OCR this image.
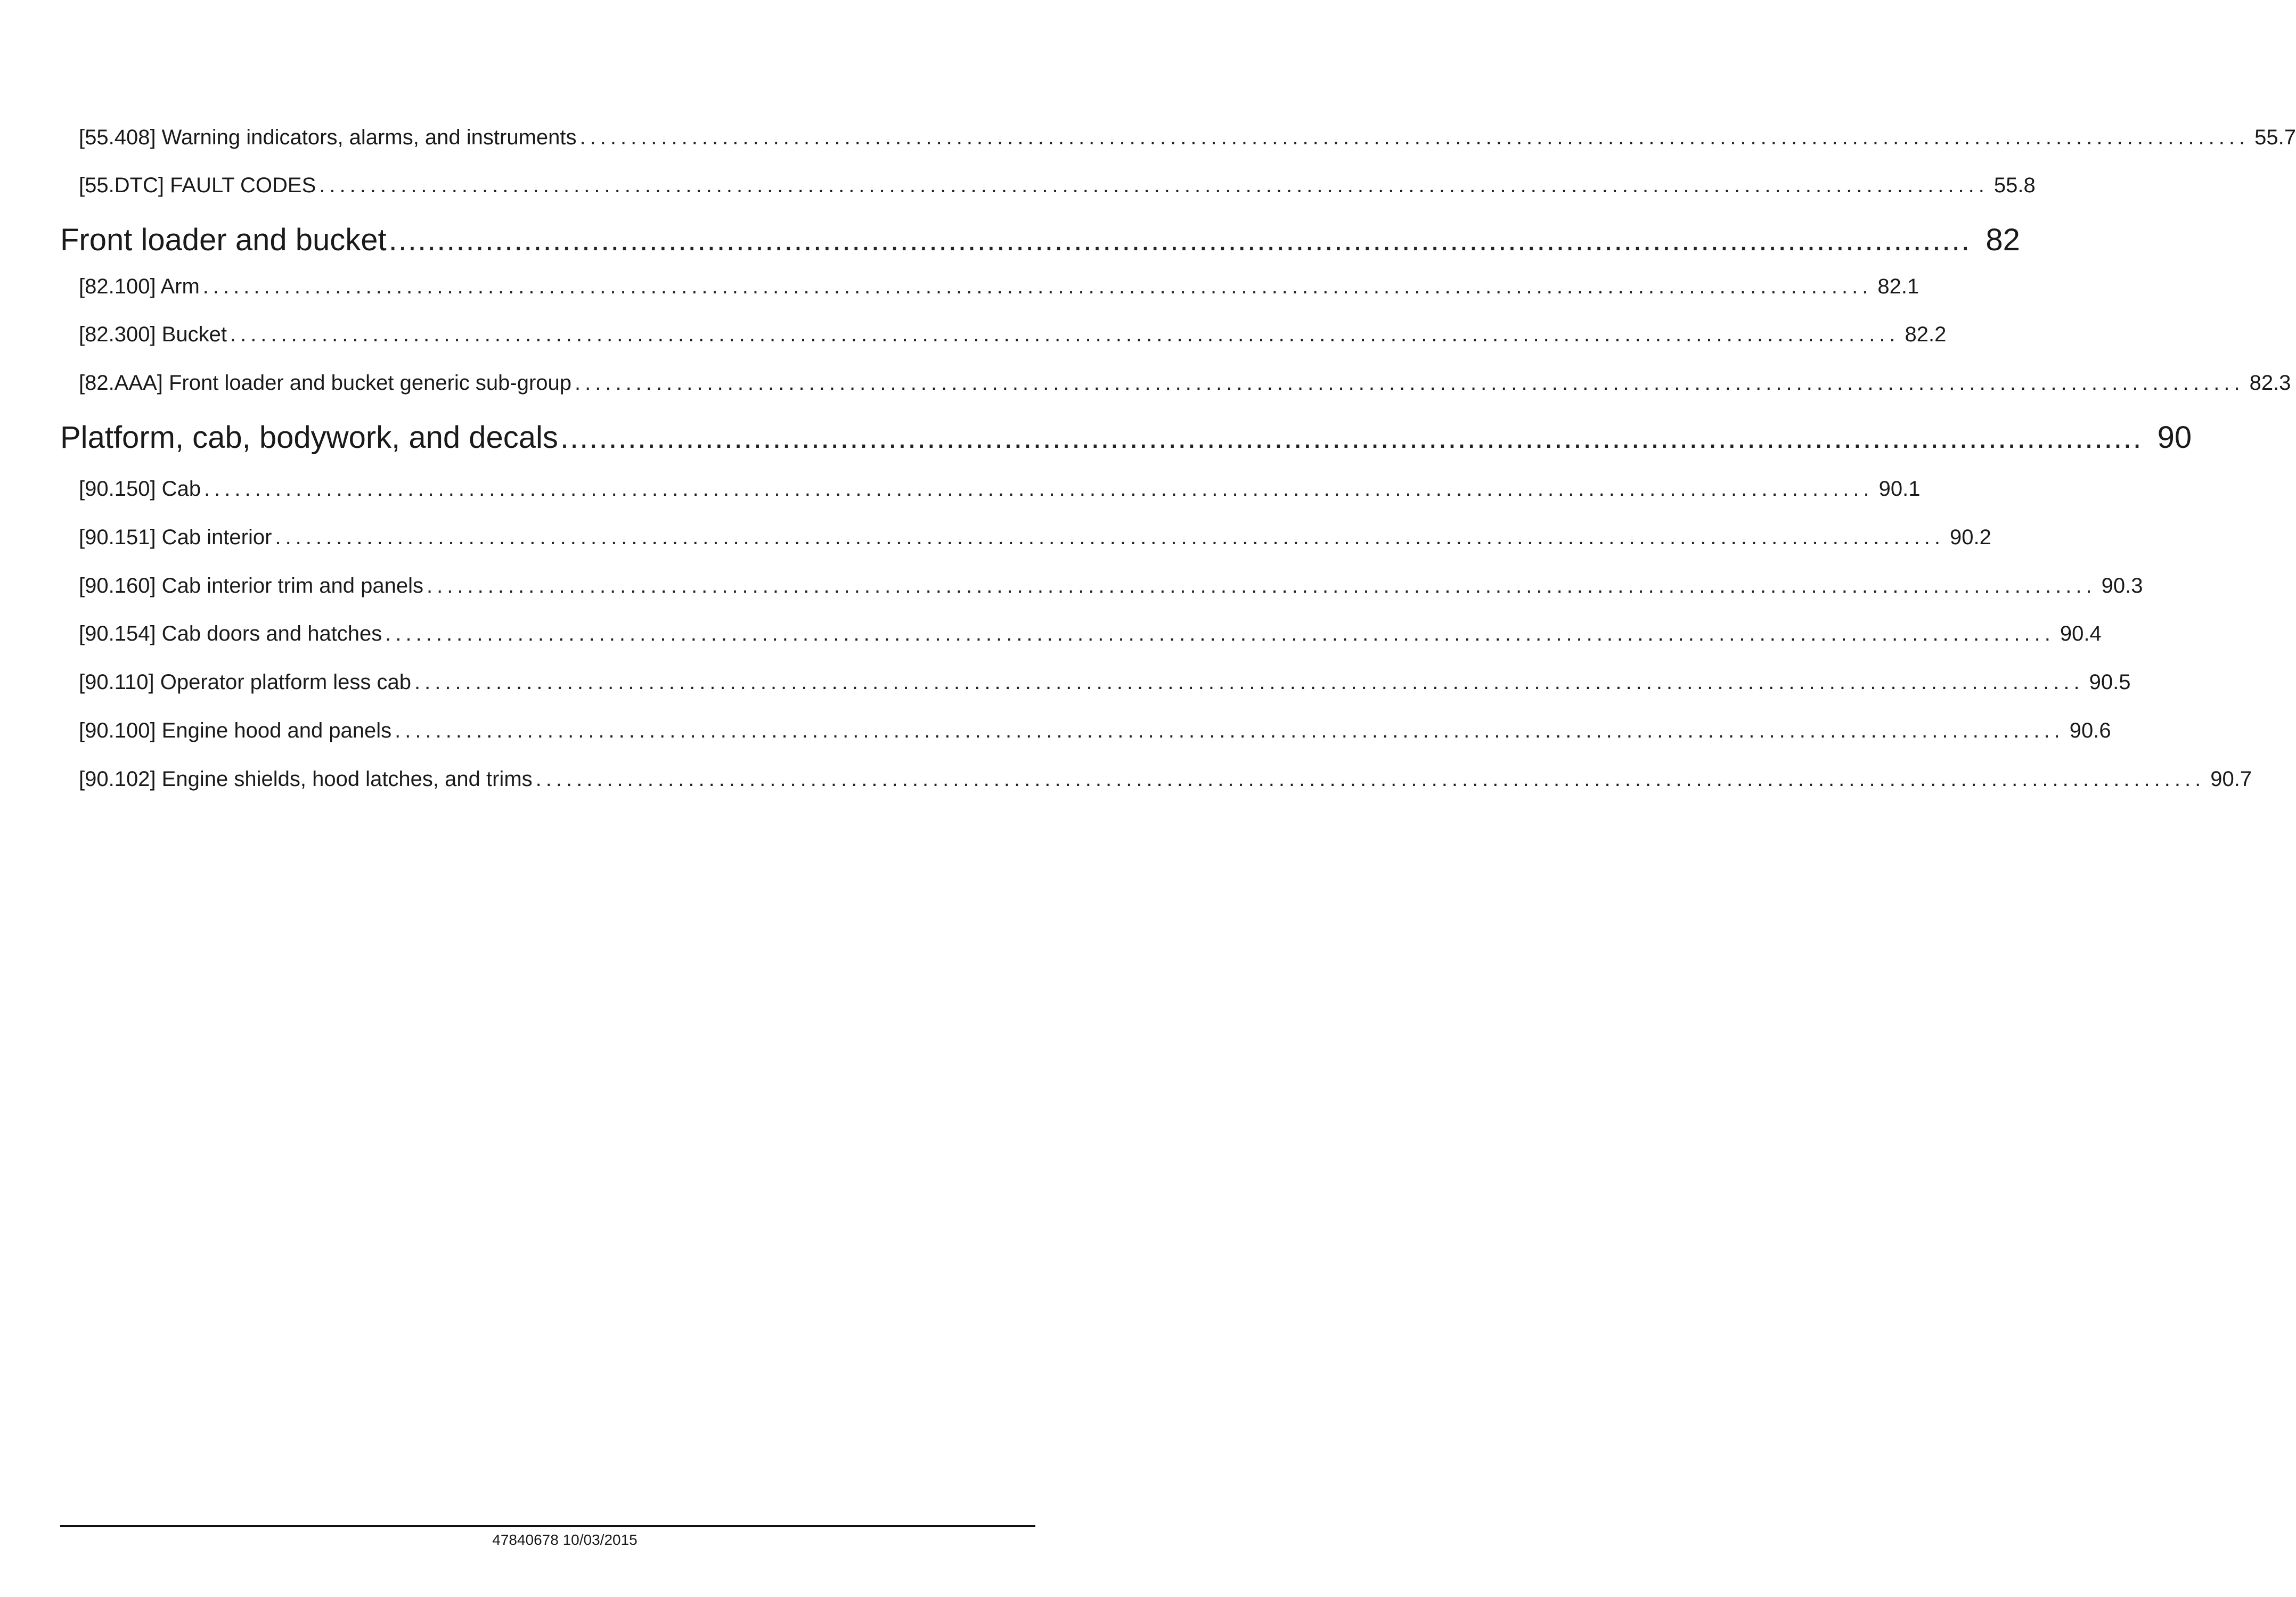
[55.408] Warning indicators, alarms, and instruments .................................................................................................................................................................... 55.7
[55.DTC] FAULT CODES .................................................................................................................................................................... 55.8
Front loader and bucket .................................................................................................................................................................... 82
[82.100] Arm .................................................................................................................................................................... 82.1
[82.300] Bucket .................................................................................................................................................................... 82.2
[82.AAA] Front loader and bucket generic sub-group .................................................................................................................................................................... 82.3
Platform, cab, bodywork, and decals .................................................................................................................................................................... 90
[90.150] Cab .................................................................................................................................................................... 90.1
[90.151] Cab interior .................................................................................................................................................................... 90.2
[90.160] Cab interior trim and panels .................................................................................................................................................................... 90.3
[90.154] Cab doors and hatches .................................................................................................................................................................... 90.4
[90.110] Operator platform less cab .................................................................................................................................................................... 90.5
[90.100] Engine hood and panels .................................................................................................................................................................... 90.6
[90.102] Engine shields, hood latches, and trims .................................................................................................................................................................... 90.7
47840678 10/03/2015
